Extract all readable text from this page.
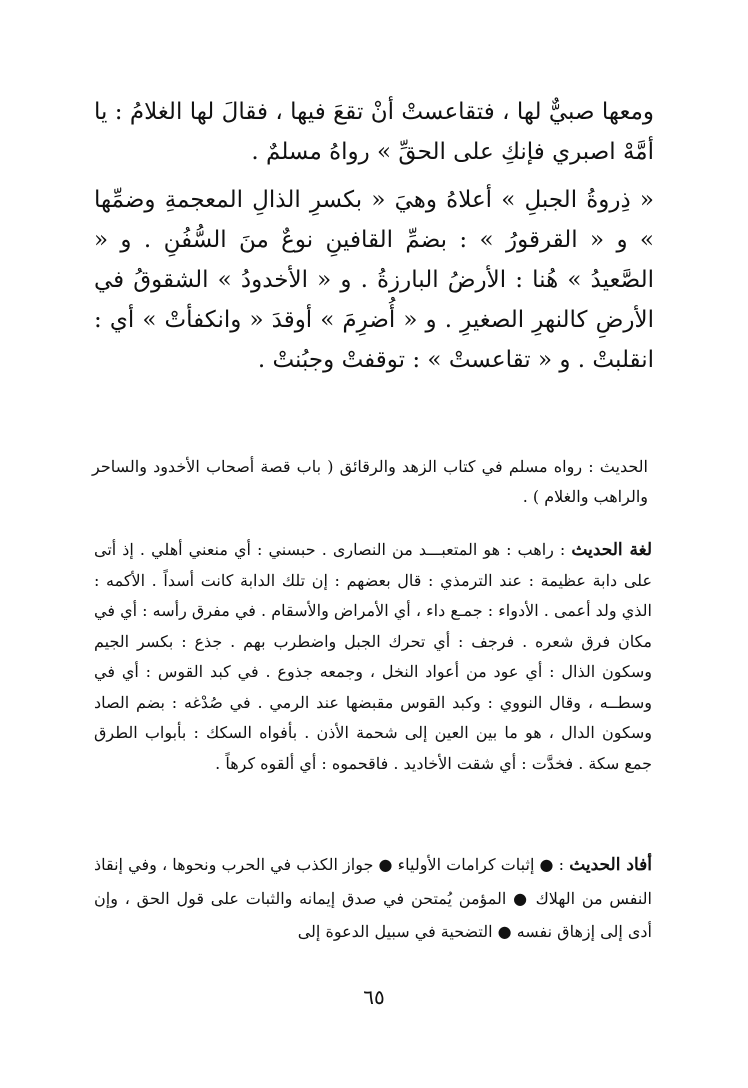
ومعها صبيٌّ لها ، فتقاعستْ أنْ تقعَ فيها ، فقالَ لها الغلامُ : يا أمَّهْ اصبري فإنكِ على الحقِّ » رواهُ مسلمٌ .

« ذِروةُ الجبلِ » أعلاهُ وهيَ « بكسرِ الذالِ المعجمةِ وضمِّها » و « القرقورُ » : بضمِّ القافينِ نوعٌ منَ السُّفُنِ . و « الصَّعيدُ » هُنا : الأرضُ البارزةُ . و « الأخدودُ » الشقوقُ في الأرضِ كالنهرِ الصغيرِ . و « أُضرِمَ » أوقدَ « وانكفأتْ » أي : انقلبتْ . و « تقاعستْ » : توقفتْ وجبُنتْ .

الحديث : رواه مسلم في كتاب الزهد والرقائق ( باب قصة أصحاب الأخدود والساحر والراهب والغلام ) .

لغة الحديث : راهب : هو المتعبـــد من النصارى . حبسني : أي منعني أهلي . إذ أتى على دابة عظيمة : عند الترمذي : قال بعضهم : إن تلك الدابة كانت أسداً . الأكمه : الذي ولد أعمى . الأدواء : جمـع داء ، أي الأمراض والأسقام . في مفرق رأسه : أي في مكان فرق شعره . فرجف : أي تحرك الجبل واضطرب بهم . جذع : بكسر الجيم وسكون الذال : أي عود من أعواد النخل ، وجمعه جذوع . في كبد القوس : أي في وسطــه ، وقال النووي : وكبد القوس مقبضها عند الرمي . في صُدْغه : بضم الصاد وسكون الدال ، هو ما بين العين إلى شحمة الأذن . بأفواه السكك : بأبواب الطرق جمع سكة . فخدَّت : أي شقت الأخاديد . فاقحموه : أي ألقوه كرهاً .

أفاد الحديث : ● إثبات كرامات الأولياء ● جواز الكذب في الحرب ونحوها ، وفي إنقاذ النفس من الهلاك ● المؤمن يُمتحن في صدق إيمانه والثبات على قول الحق ، وإن أدى إلى إزهاق نفسه ● التضحية في سبيل الدعوة إلى

٦٥
